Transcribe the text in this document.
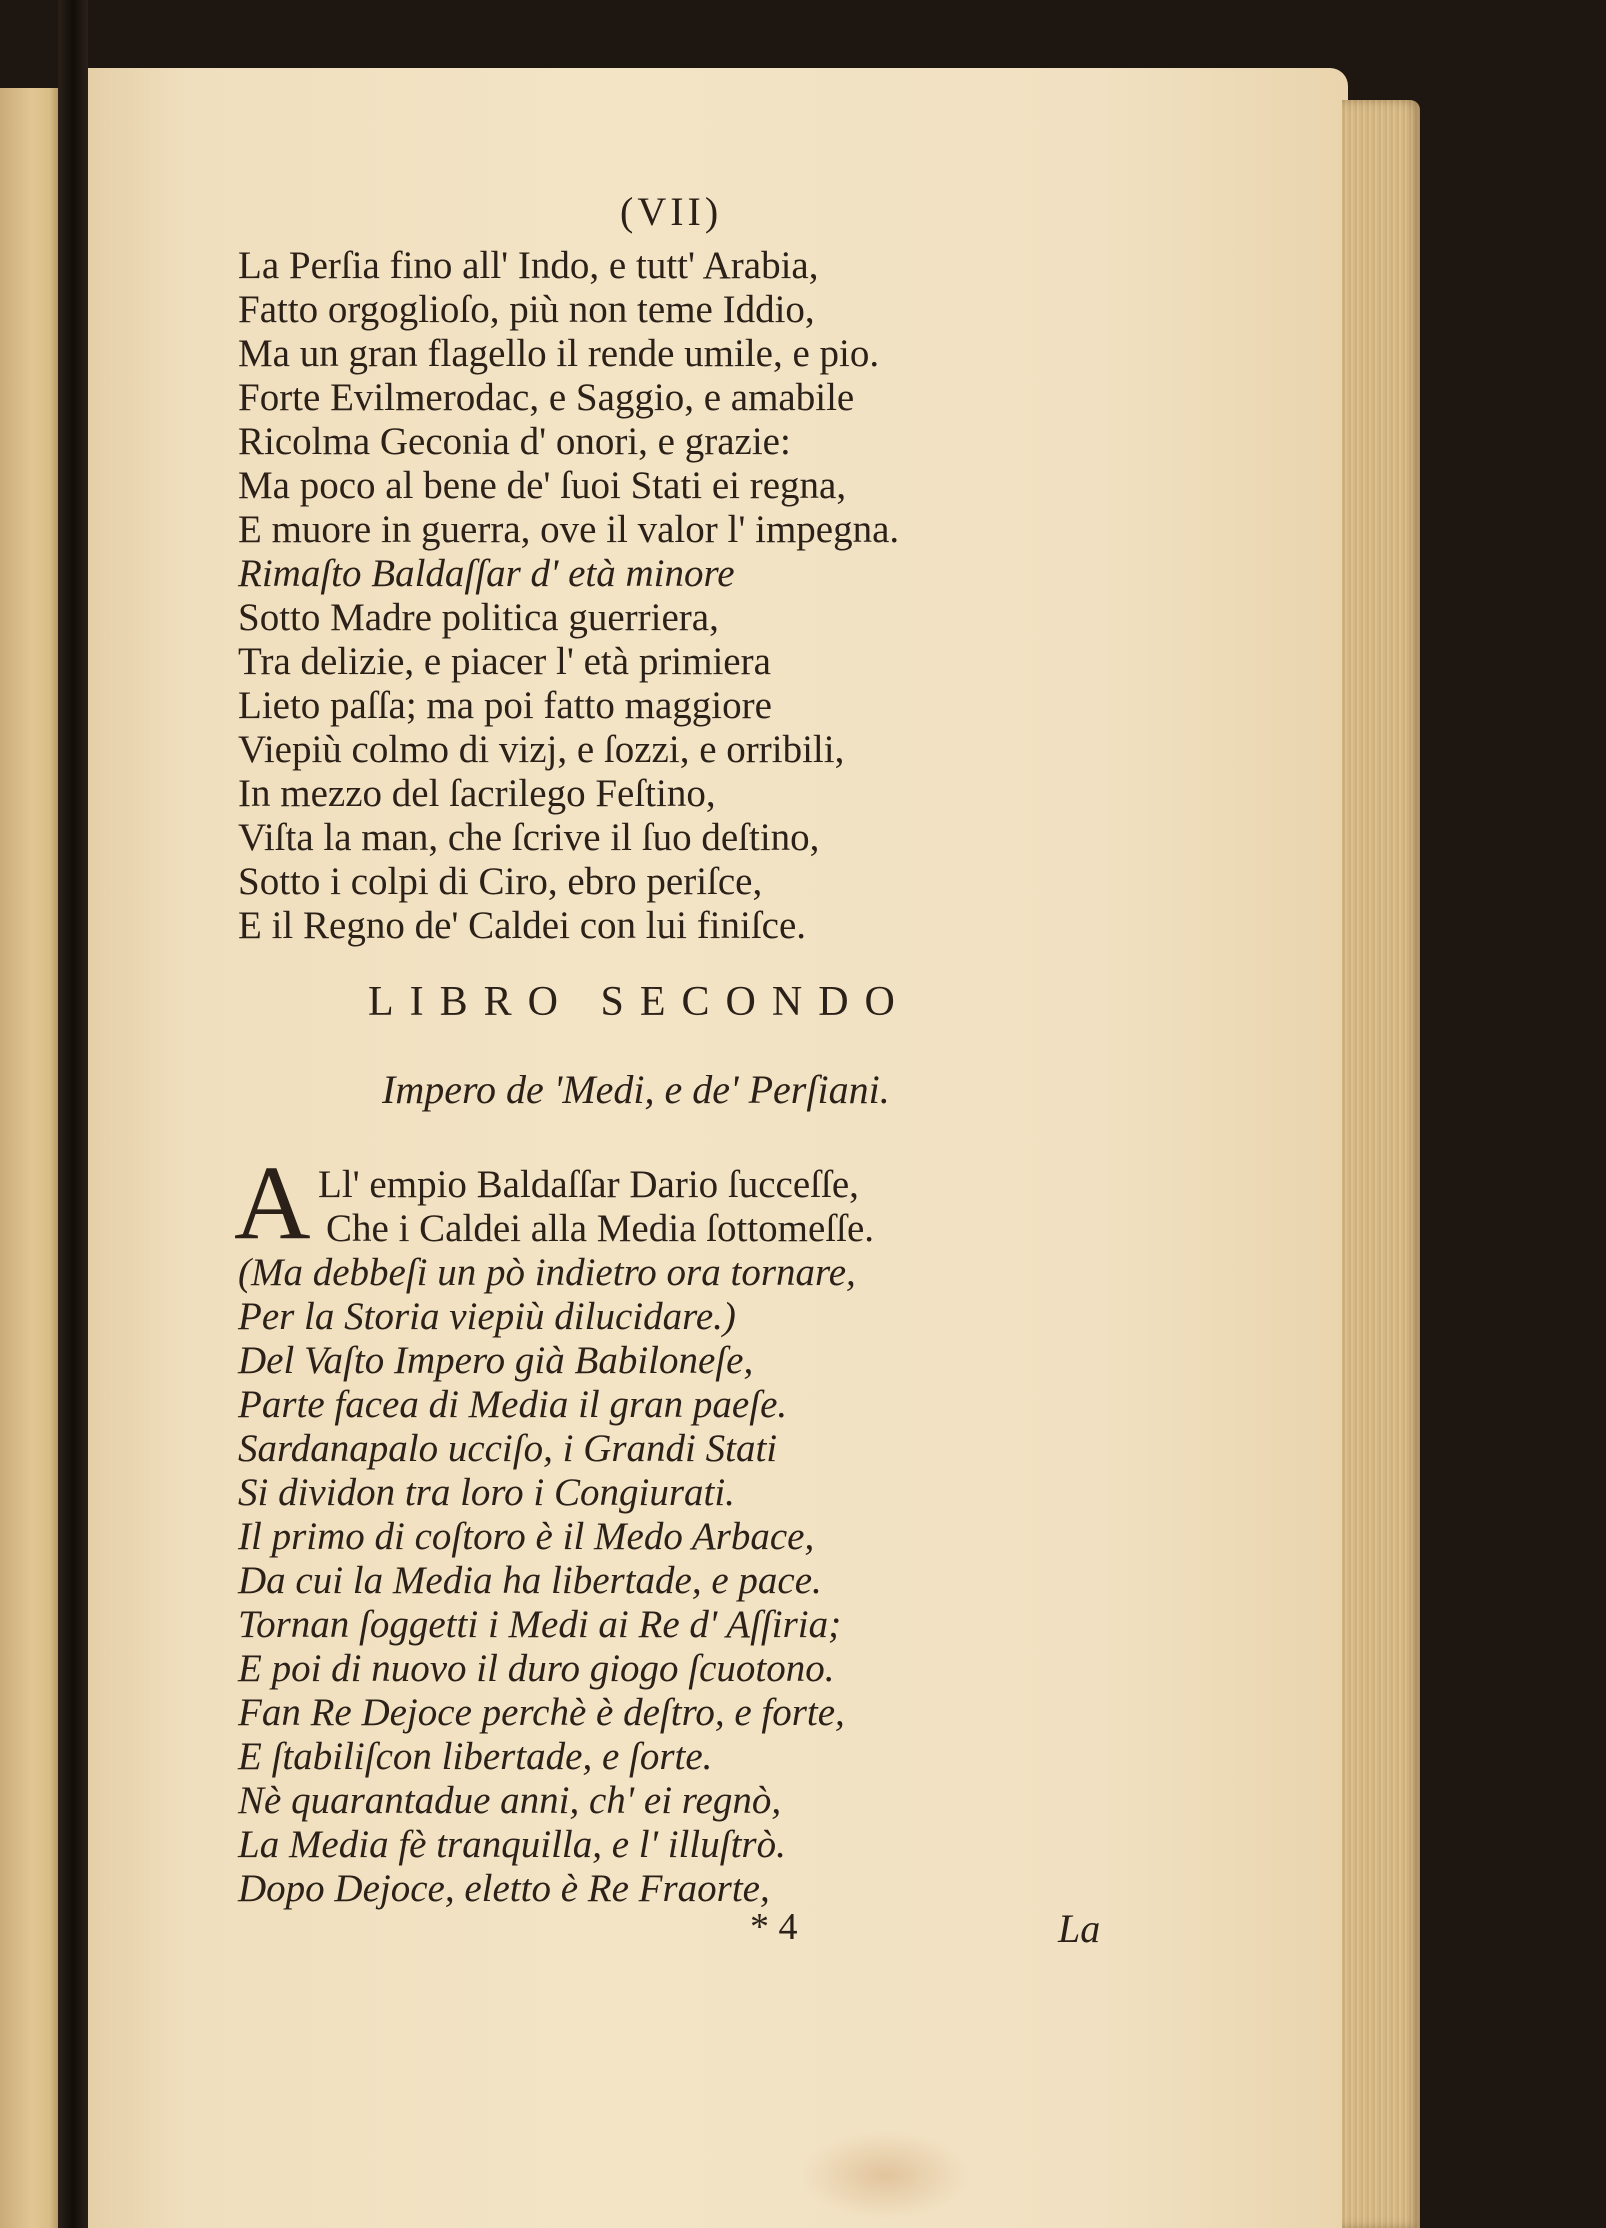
(VII)
La Perſia fino all' Indo, e tutt' Arabia,
Fatto orgoglioſo, più non teme Iddio,
Ma un gran flagello il rende umile, e pio.
Forte Evilmerodac, e Saggio, e amabile
Ricolma Geconia d' onori, e grazie:
Ma poco al bene de' ſuoi Stati ei regna,
E muore in guerra, ove il valor l' impegna.
Rimaſto Baldaſſar d' età minore
Sotto Madre politica guerriera,
Tra delizie, e piacer l' età primiera
Lieto paſſa; ma poi fatto maggiore
Viepiù colmo di vizj, e ſozzi, e orribili,
In mezzo del ſacrilego Feſtino,
Viſta la man, che ſcrive il ſuo deſtino,
Sotto i colpi di Ciro, ebro periſce,
E il Regno de' Caldei con lui finiſce.
LIBRO SECONDO
Impero de 'Medi, e de' Perſiani.
A Ll' empio Baldaſſar Dario ſucceſſe,
Che i Caldei alla Media ſottomeſſe.
(Ma debbeſi un pò indietro ora tornare,
Per la Storia viepiù dilucidare.)
Del Vaſto Impero già Babiloneſe,
Parte facea di Media il gran paeſe.
Sardanapalo ucciſo, i Grandi Stati
Si dividon tra loro i Congiurati.
Il primo di coſtoro è il Medo Arbace,
Da cui la Media ha libertade, e pace.
Tornan ſoggetti i Medi ai Re d' Aſſiria;
E poi di nuovo il duro giogo ſcuotono.
Fan Re Dejoce perchè è deſtro, e forte,
E ſtabiliſcon libertade, e ſorte.
Nè quarantadue anni, ch' ei regnò,
La Media fè tranquilla, e l' illuſtrò.
Dopo Dejoce, eletto è Re Fraorte,
* 4	La
